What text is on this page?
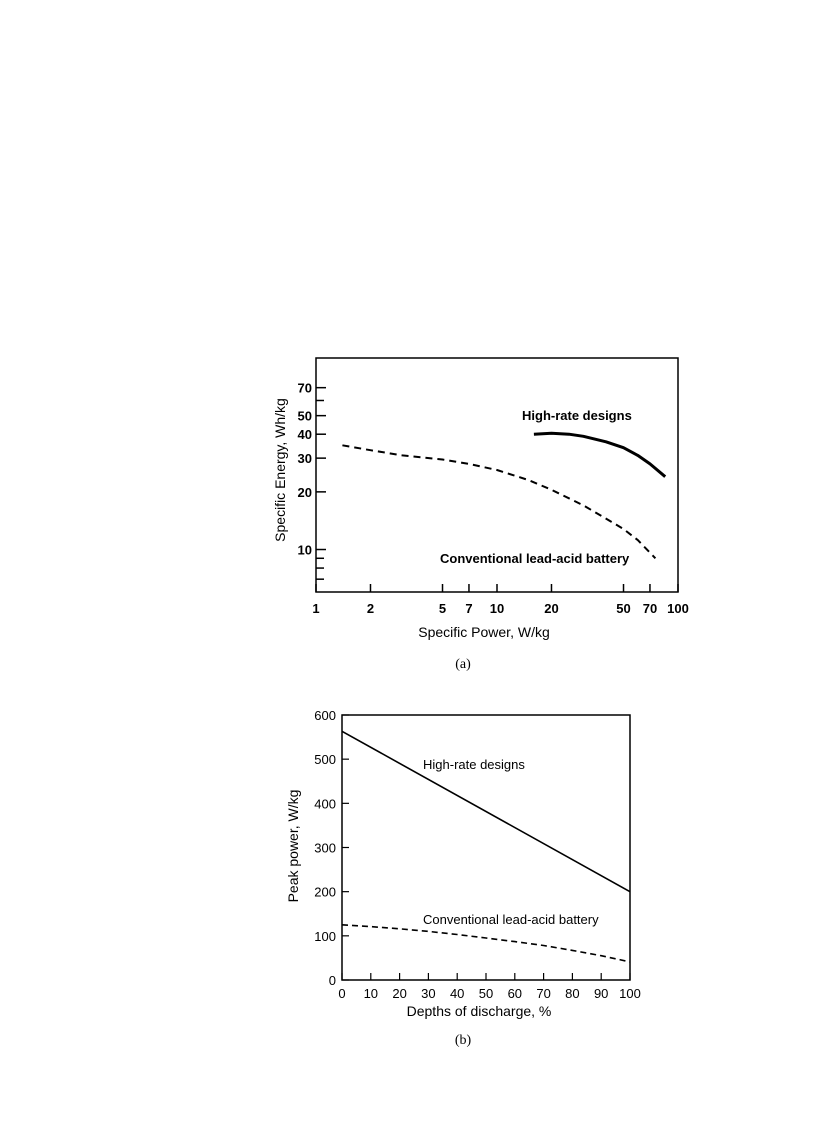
1	2	5 7 10	20	50 70 100
10
20
30
40
50
70
High-rate designs
Conventional lead-acid battery
Specific Power, W/kg
Specific Energy, Wh/kg
(a)
0 10 20 30 40 50 60 70 80 90 100
0
100
200
300
400
500
600
High-rate designs
Conventional lead-acid battery
Depths of discharge, %
Peak power, W/kg
(b)
